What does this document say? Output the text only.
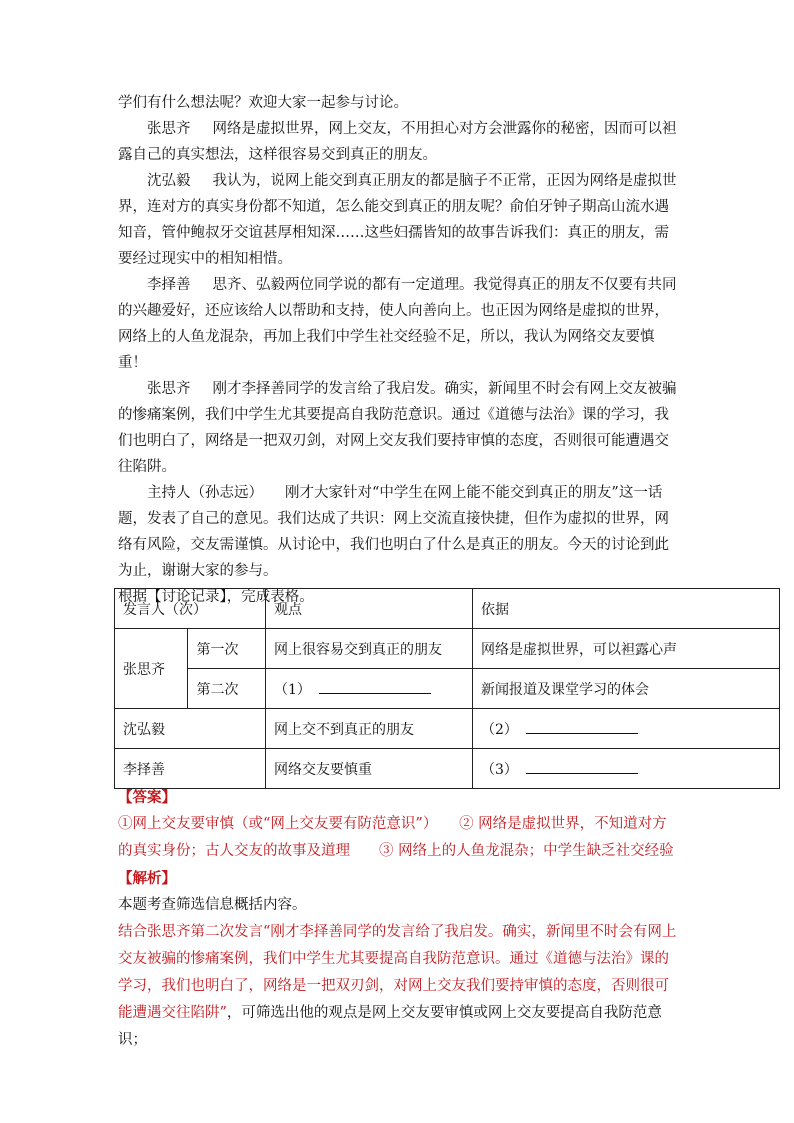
学们有什么想法呢？欢迎大家一起参与讨论。

张思齐 网络是虚拟世界，网上交友，不用担心对方会泄露你的秘密，因而可以袒露自己的真实想法，这样很容易交到真正的朋友。

沈弘毅 我认为，说网上能交到真正朋友的都是脑子不正常，正因为网络是虚拟世界，连对方的真实身份都不知道，怎么能交到真正的朋友呢？俞伯牙钟子期高山流水遇知音，管仲鲍叔牙交谊甚厚相知深……这些妇孺皆知的故事告诉我们：真正的朋友，需要经过现实中的相知相惜。

李择善 思齐、弘毅两位同学说的都有一定道理。我觉得真正的朋友不仅要有共同的兴趣爱好，还应该给人以帮助和支持，使人向善向上。也正因为网络是虚拟的世界，网络上的人鱼龙混杂，再加上我们中学生社交经验不足，所以，我认为网络交友要慎重！

张思齐 刚才李择善同学的发言给了我启发。确实，新闻里不时会有网上交友被骗的惨痛案例，我们中学生尤其要提高自我防范意识。通过《道德与法治》课的学习，我们也明白了，网络是一把双刃剑，对网上交友我们要持审慎的态度，否则很可能遭遇交往陷阱。

主持人（孙志远） 刚才大家针对“中学生在网上能不能交到真正的朋友”这一话题，发表了自己的意见。我们达成了共识：网上交流直接快捷，但作为虚拟的世界，网络有风险，交友需谨慎。从讨论中，我们也明白了什么是真正的朋友。今天的讨论到此为止，谢谢大家的参与。

根据【讨论记录】，完成表格。

发言人（次）		观点	依据
张思齐	第一次	网上很容易交到真正的朋友	网络是虚拟世界，可以袒露心声
	第二次	（1）	新闻报道及课堂学习的体会
沈弘毅		网上交不到真正的朋友	（2）
李择善		网络交友要慎重	（3）

【答案】

①网上交友要审慎（或“网上交友要有防范意识”）　　② 网络是虚拟世界，不知道对方的真实身份；古人交友的故事及道理　　③ 网络上的人鱼龙混杂；中学生缺乏社交经验

【解析】

本题考查筛选信息概括内容。

结合张思齐第二次发言“刚才李择善同学的发言给了我启发。确实，新闻里不时会有网上交友被骗的惨痛案例，我们中学生尤其要提高自我防范意识。通过《道德与法治》课的学习，我们也明白了，网络是一把双刃剑，对网上交友我们要持审慎的态度，否则很可能遭遇交往陷阱”，可筛选出他的观点是网上交友要审慎或网上交友要提高自我防范意识；
